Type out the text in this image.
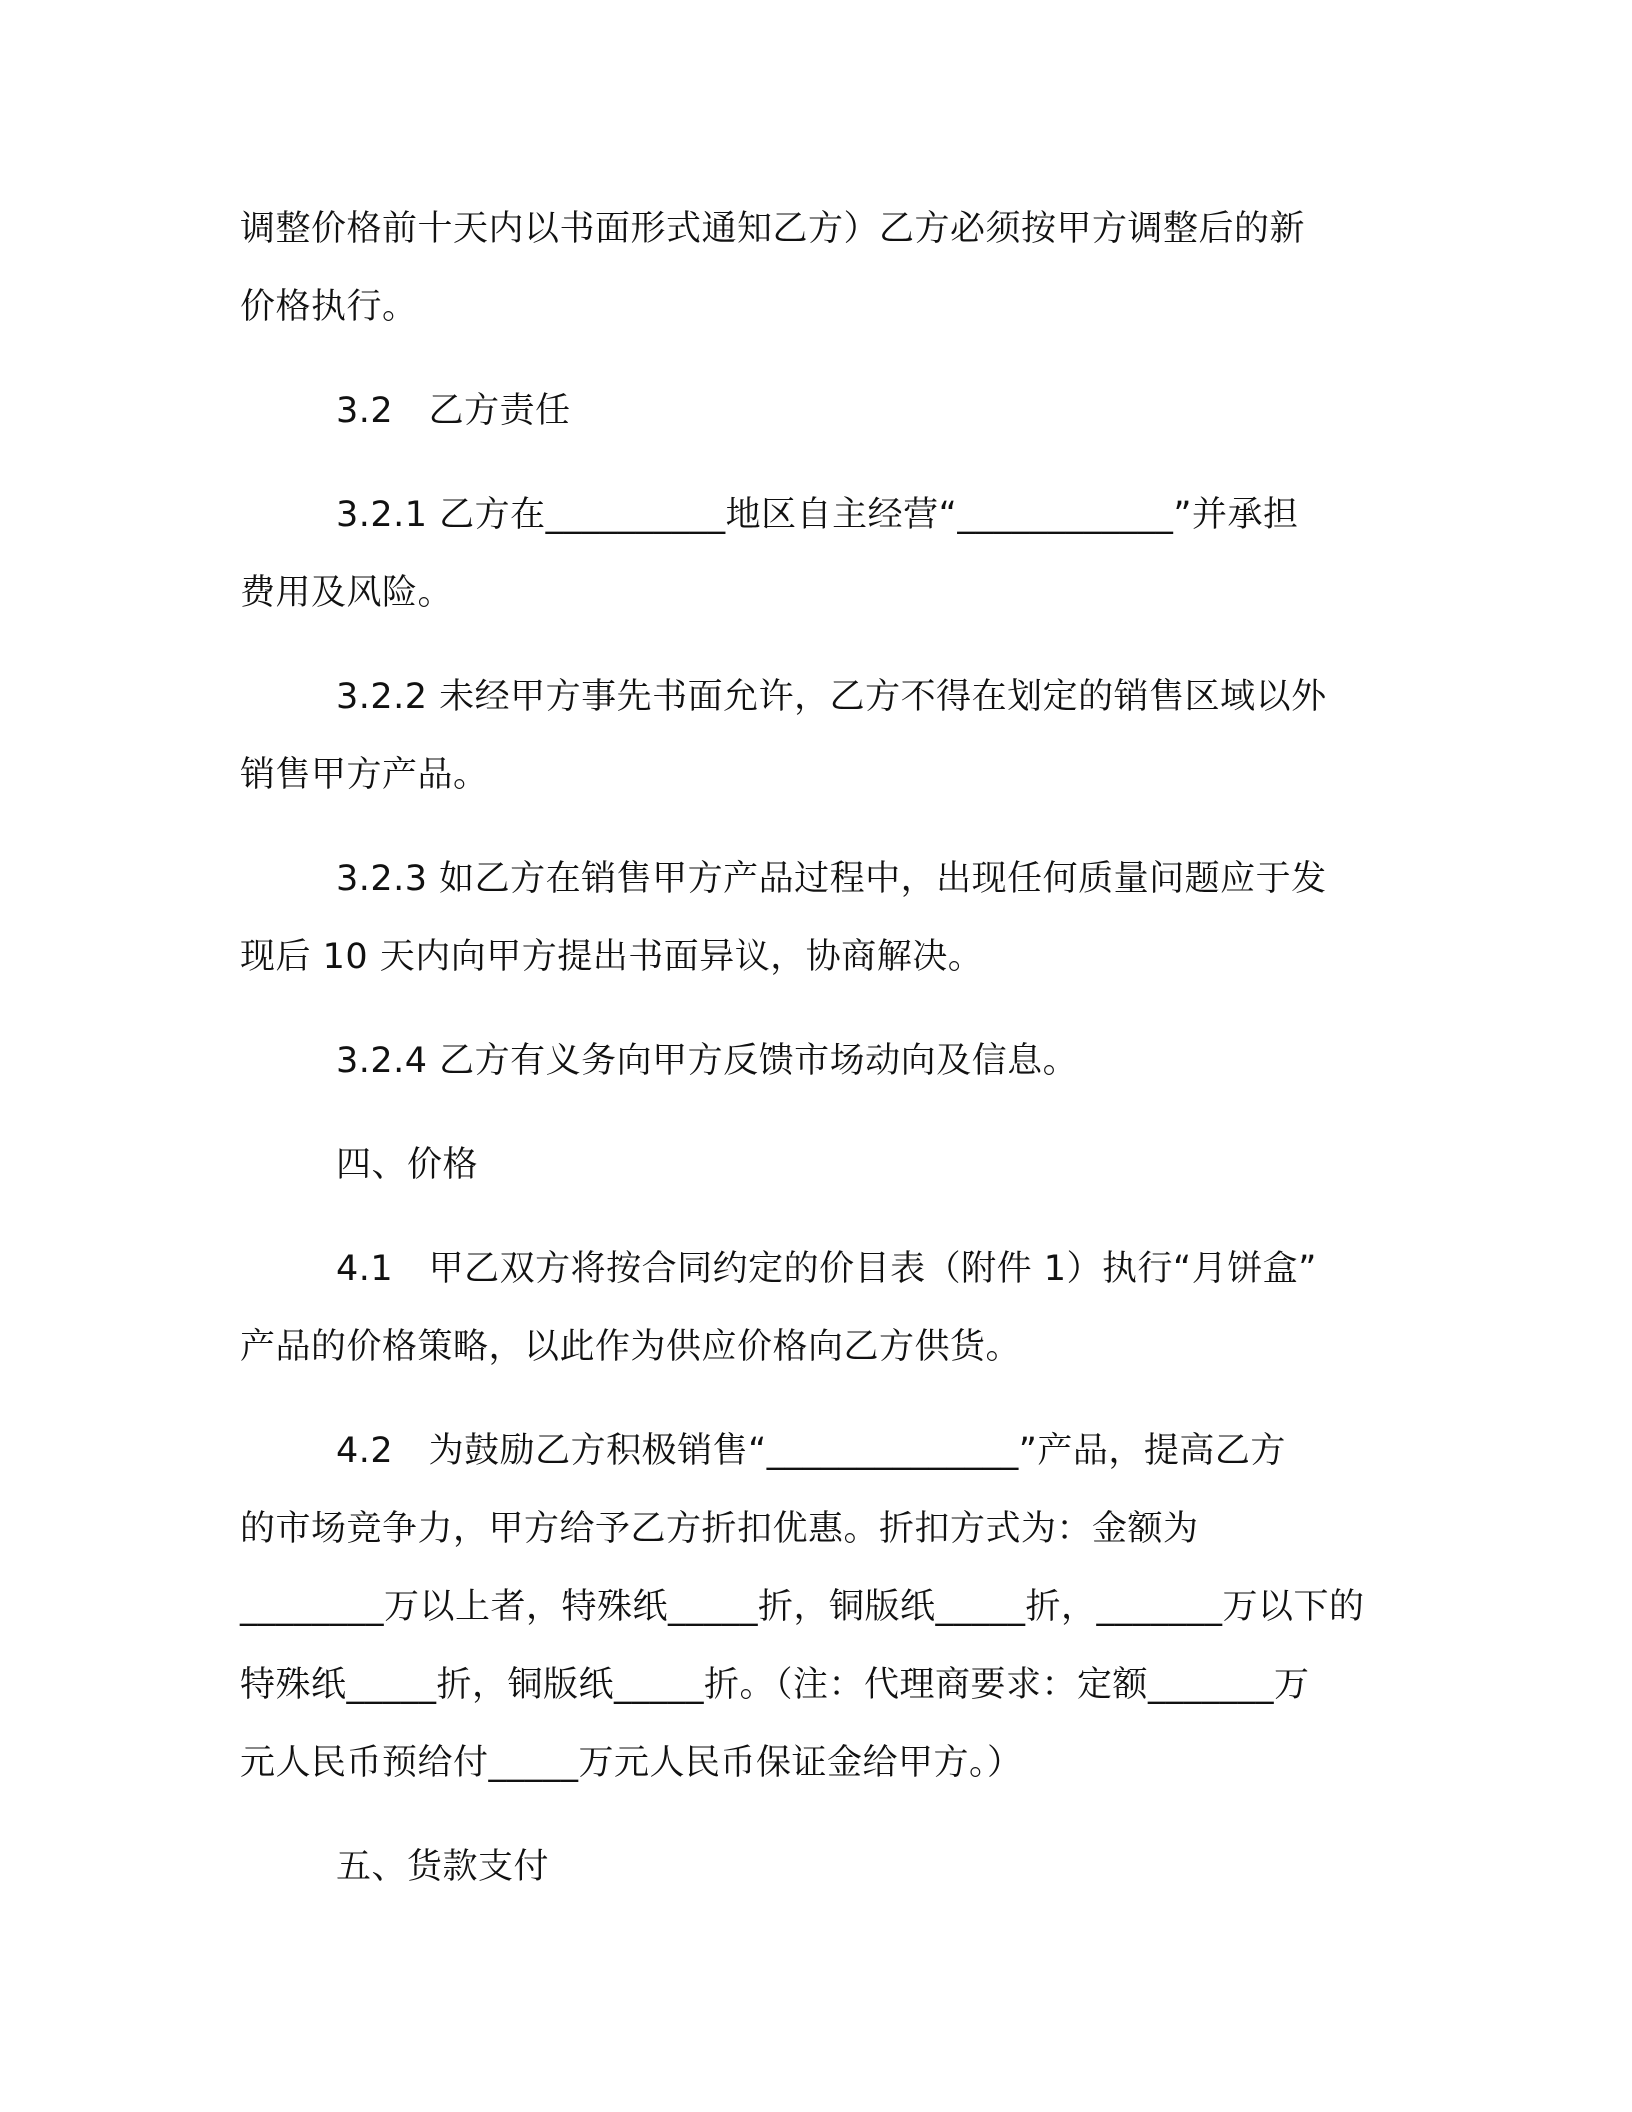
调整价格前十天内以书面形式通知乙方）乙方必须按甲方调整后的新
价格执行。
3.2　乙方责任
3.2.1 乙方在__________地区自主经营“____________”并承担
费用及风险。
3.2.2 未经甲方事先书面允许，乙方不得在划定的销售区域以外
销售甲方产品。
3.2.3 如乙方在销售甲方产品过程中，出现任何质量问题应于发
现后 10 天内向甲方提出书面异议，协商解决。
3.2.4 乙方有义务向甲方反馈市场动向及信息。
四、价格
4.1　甲乙双方将按合同约定的价目表（附件 1）执行“月饼盒”
产品的价格策略，以此作为供应价格向乙方供货。
4.2　为鼓励乙方积极销售“______________”产品，提高乙方
的市场竞争力，甲方给予乙方折扣优惠。折扣方式为：金额为
________万以上者，特殊纸_____折，铜版纸_____折，_______万以下的
特殊纸_____折，铜版纸_____折。（注：代理商要求：定额_______万
元人民币预给付_____万元人民币保证金给甲方。）
五、货款支付
